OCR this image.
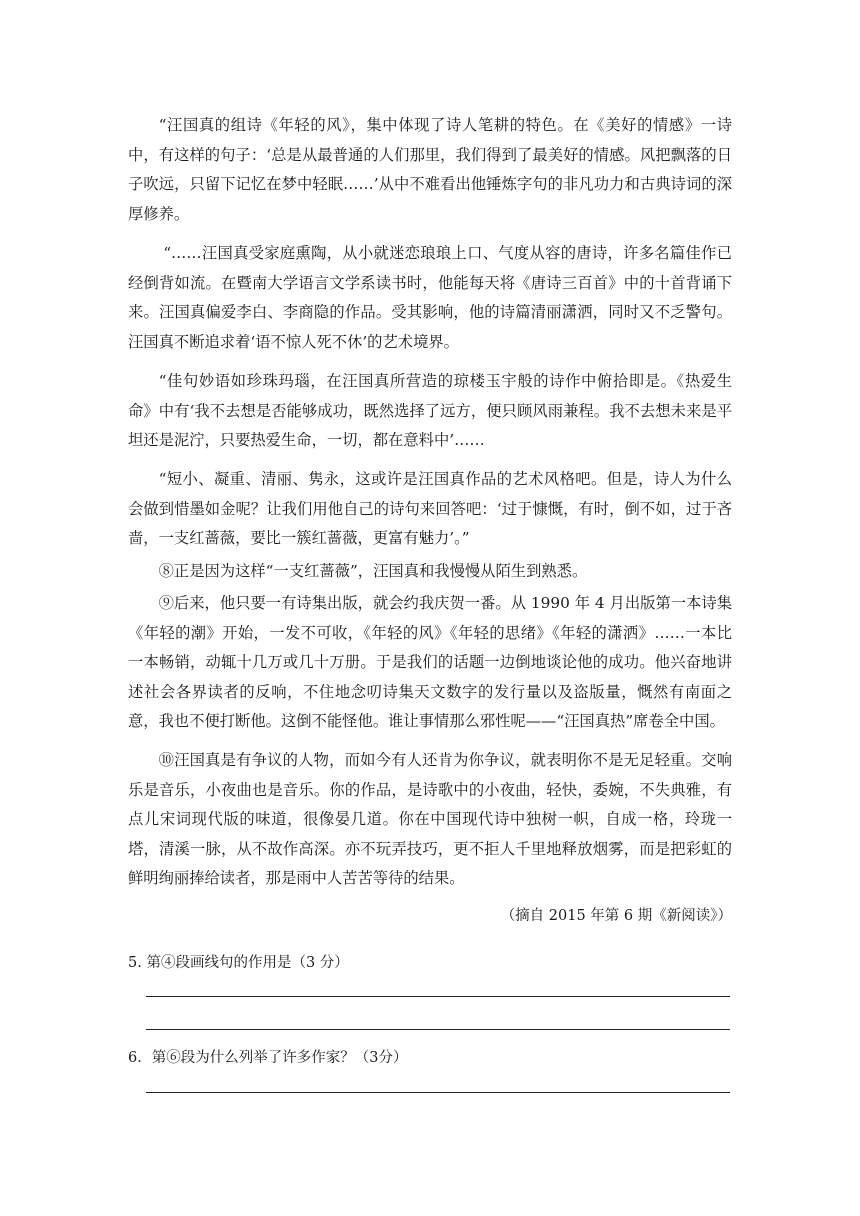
“汪国真的组诗《年轻的风》，集中体现了诗人笔耕的特色。在《美好的情感》一诗中，有这样的句子：‘总是从最普通的人们那里，我们得到了最美好的情感。风把飘落的日子吹远，只留下记忆在梦中轻眠……’从中不难看出他锤炼字句的非凡功力和古典诗词的深厚修养。

“……汪国真受家庭熏陶，从小就迷恋琅琅上口、气度从容的唐诗，许多名篇佳作已经倒背如流。在暨南大学语言文学系读书时，他能每天将《唐诗三百首》中的十首背诵下来。汪国真偏爱李白、李商隐的作品。受其影响，他的诗篇清丽潇洒，同时又不乏警句。汪国真不断追求着‘语不惊人死不休’的艺术境界。

“佳句妙语如珍珠玛瑙，在汪国真所营造的琼楼玉宇般的诗作中俯拾即是。《热爱生命》中有‘我不去想是否能够成功，既然选择了远方，便只顾风雨兼程。我不去想未来是平坦还是泥泞，只要热爱生命，一切，都在意料中’……

“短小、凝重、清丽、隽永，这或许是汪国真作品的艺术风格吧。但是，诗人为什么会做到惜墨如金呢？让我们用他自己的诗句来回答吧：‘过于慷慨，有时，倒不如，过于吝啬，一支红蔷薇，要比一簇红蔷薇，更富有魅力’。”

⑧正是因为这样“一支红蔷薇”，汪国真和我慢慢从陌生到熟悉。

⑨后来，他只要一有诗集出版，就会约我庆贺一番。从 1990 年 4 月出版第一本诗集《年轻的潮》开始，一发不可收，《年轻的风》《年轻的思绪》《年轻的潇洒》……一本比一本畅销，动辄十几万或几十万册。于是我们的话题一边倒地谈论他的成功。他兴奋地讲述社会各界读者的反响，不住地念叨诗集天文数字的发行量以及盗版量，慨然有南面之意，我也不便打断他。这倒不能怪他。谁让事情那么邪性呢——“汪国真热”席卷全中国。

⑩汪国真是有争议的人物，而如今有人还肯为你争议，就表明你不是无足轻重。交响乐是音乐，小夜曲也是音乐。你的作品，是诗歌中的小夜曲，轻快，委婉，不失典雅，有点儿宋词现代版的味道，很像晏几道。你在中国现代诗中独树一帜，自成一格，玲珑一塔，清溪一脉，从不故作高深。亦不玩弄技巧，更不拒人千里地释放烟雾，而是把彩虹的鲜明绚丽捧给读者，那是雨中人苦苦等待的结果。

（摘自 2015 年第 6 期《新阅读》）

5. 第④段画线句的作用是（3 分）

6．第⑥段为什么列举了许多作家？（3分）
